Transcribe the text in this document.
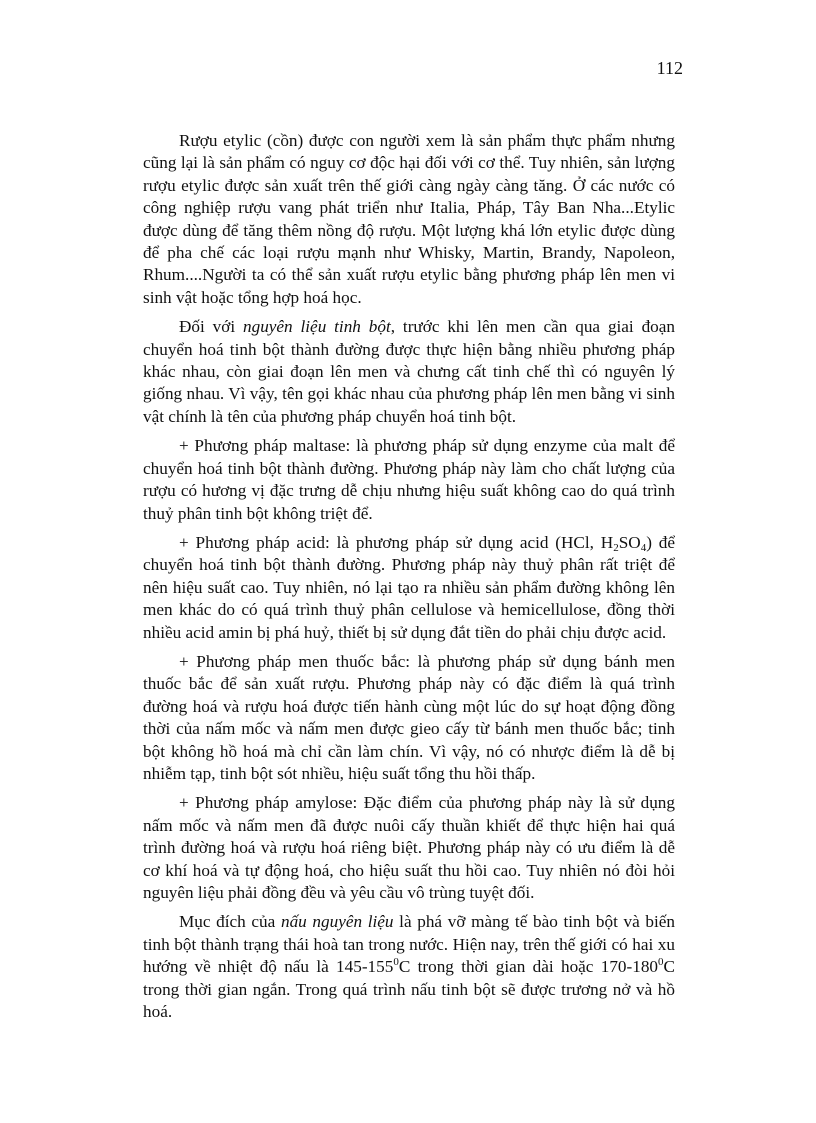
112

Rượu etylic (cồn) được con người xem là sản phẩm thực phẩm nhưng cũng lại là sản phẩm có nguy cơ độc hại đối với cơ thể. Tuy nhiên, sản lượng rượu etylic được sản xuất trên thế giới càng ngày càng tăng. Ở các nước có công nghiệp rượu vang phát triển như Italia, Pháp, Tây Ban Nha...Etylic được dùng để tăng thêm nồng độ rượu. Một lượng khá lớn etylic được dùng để pha chế các loại rượu mạnh như Whisky, Martin, Brandy, Napoleon, Rhum....Người ta có thể sản xuất rượu etylic bằng phương pháp lên men vi sinh vật hoặc tổng hợp hoá học.

Đối với nguyên liệu tinh bột, trước khi lên men cần qua giai đoạn chuyển hoá tinh bột thành đường được thực hiện bằng nhiều phương pháp khác nhau, còn giai đoạn lên men và chưng cất tinh chế thì có nguyên lý giống nhau. Vì vậy, tên gọi khác nhau của phương pháp lên men bằng vi sinh vật chính là tên của phương pháp chuyển hoá tinh bột.

+ Phương pháp maltase: là phương pháp sử dụng enzyme của malt để chuyển hoá tinh bột thành đường. Phương pháp này làm cho chất lượng của rượu có hương vị đặc trưng dễ chịu nhưng hiệu suất không cao do quá trình thuỷ phân tinh bột không triệt để.

+ Phương pháp acid: là phương pháp sử dụng acid (HCl, $H_2SO_4$) để chuyển hoá tinh bột thành đường. Phương pháp này thuỷ phân rất triệt để nên hiệu suất cao. Tuy nhiên, nó lại tạo ra nhiều sản phẩm đường không lên men khác do có quá trình thuỷ phân cellulose và hemicellulose, đồng thời nhiều acid amin bị phá huỷ, thiết bị sử dụng đắt tiền do phải chịu được acid.

+ Phương pháp men thuốc bắc: là phương pháp sử dụng bánh men thuốc bắc để sản xuất rượu. Phương pháp này có đặc điểm là quá trình đường hoá và rượu hoá được tiến hành cùng một lúc do sự hoạt động đồng thời của nấm mốc và nấm men được gieo cấy từ bánh men thuốc bắc; tinh bột không hồ hoá mà chỉ cần làm chín. Vì vậy, nó có nhược điểm là dễ bị nhiễm tạp, tinh bột sót nhiều, hiệu suất tổng thu hồi thấp.

+ Phương pháp amylose: Đặc điểm của phương pháp này là sử dụng nấm mốc và nấm men đã được nuôi cấy thuần khiết để thực hiện hai quá trình đường hoá và rượu hoá riêng biệt. Phương pháp này có ưu điểm là dễ cơ khí hoá và tự động hoá, cho hiệu suất thu hồi cao. Tuy nhiên nó đòi hỏi nguyên liệu phải đồng đều và yêu cầu vô trùng tuyệt đối.

Mục đích của nấu nguyên liệu là phá vỡ màng tế bào tinh bột và biến tinh bột thành trạng thái hoà tan trong nước. Hiện nay, trên thế giới có hai xu hướng về nhiệt độ nấu là $145-155^0C$ trong thời gian dài hoặc $170-180^0C$ trong thời gian ngắn. Trong quá trình nấu tinh bột sẽ được trương nở và hồ hoá.
